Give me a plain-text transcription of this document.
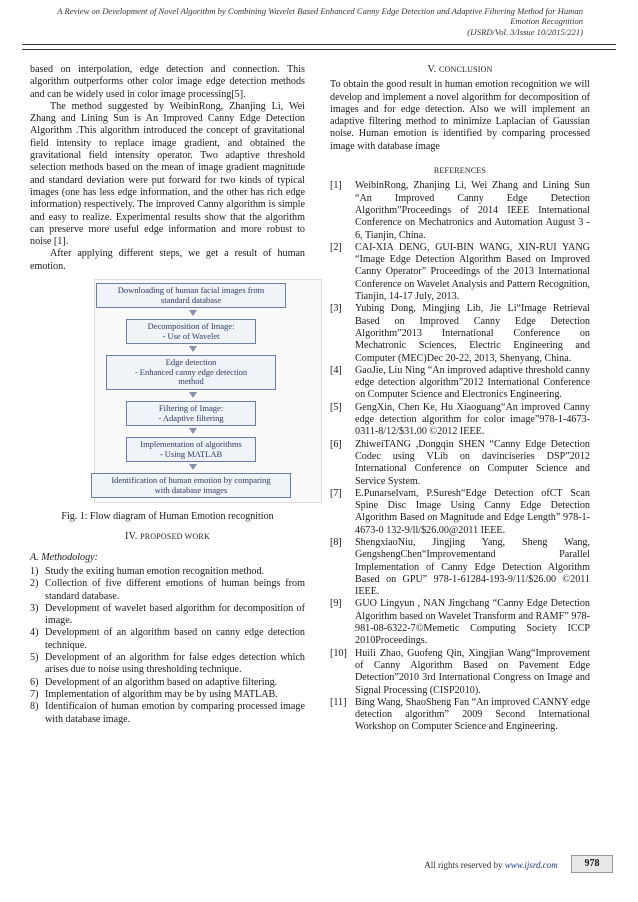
A Review on Development of Novel Algorithm by Combining Wavelet Based Enhanced Canny Edge Detection and Adaptive Filtering Method for Human
Emotion Recognition
(IJSRD/Vol. 3/Issue 10/2015/221)

based on interpolation, edge detection and connection. This algorithm outperforms other color image edge detection methods and can be widely used in color image processing[5].

The method suggested by WeibinRong, Zhanjing Li, Wei Zhang and Lining Sun is An Improved Canny Edge Detection Algorithm .This algorithm introduced the concept of gravitational field intensity to replace image gradient, and obtained the gravitational field intensity operator. Two adaptive threshold selection methods based on the mean of image gradient magnitude and standard deviation were put forward for two kinds of typical images (one has less edge information, and the other has rich edge information) respectively. The improved Canny algorithm is simple and easy to realize. Experimental results show that the algorithm can preserve more useful edge information and more robust to noise [1].

After applying different steps, we get a result of human emotion.

Downloading of human facial images from
standard database
Decomposition of Image:
- Use of Wavelet
Edge detection
- Enhanced canny edge detection
method
Filtering of Image:
- Adaptive filtering
Implementation of algorithms
- Using MATLAB
Identification of human emotion by comparing
with database images
Fig. 1: Flow diagram of Human Emotion recognition
IV. PROPOSED WORK
A. Methodology:
1) Study the exiting human emotion recognition method.
2) Collection of five different emotions of human beings from standard database.
3) Development of wavelet based algorithm for decomposition of image.
4) Development of an algorithm based on canny edge detection technique.
5) Development of an algorithm for false edges detection which arises due to noise using thresholding technique.
6) Development of an algorithm based on adaptive filtering.
7) Implementation of algorithm may be by using MATLAB.
8) Identificaion of human emotion by comparing processed image with database image.
V. CONCLUSION

To obtain the good result in human emotion recognition we will develop and implement a novel algorithm for decomposition of images and for edge detection. Also we will implement an adaptive filtering method to minimize Laplacian of Gaussian noise. Human emotion is identified by comparing processed image with database image

REFERENCES
[1] WeibinRong, Zhanjing Li, Wei Zhang and Lining Sun “An Improved Canny Edge Detection Algorithm”Proceedings of 2014 IEEE International Conference on Mechatronics and Automation August 3 - 6, Tianjin, China.
[2] CAI-XIA DENG, GUI-BIN WANG, XIN-RUI YANG “Image Edge Detection Algorithm Based on Improved Canny Operator” Proceedings of the 2013 International Conference on Wavelet Analysis and Pattern Recognition, Tianjin, 14-17 July, 2013.
[3] Yubing Dong, Mingjing Lib, Jie Li“Image Retrieval Based on Improved Canny Edge Detection Algorithm”2013 International Conference on Mechatronic Sciences, Electric Engineering and Computer (MEC)Dec 20-22, 2013, Shenyang, China.
[4] GaoJie, Liu Ning “An improved adaptive threshold canny edge detection algorithm”2012 International Conference on Computer Science and Electronics Engineering.
[5] GengXin, Chen Ke, Hu Xiaoguang“An improved Canny edge detection algorithm for color image”978-1-4673-0311-8/12/$31.00 ©2012 IEEE.
[6] ZhiweiTANG ,Dongqin SHEN “Canny Edge Detection Codec using VLib on davinciseries DSP”2012 International Conference on Computer Science and Service System.
[7] E.Punarselvam, P.Suresh“Edge Detection ofCT Scan Spine Disc Image Using Canny Edge Detection Algorithm Based on Magnitude and Edge Length” 978-1-4673-0 132-9/ll/$26.00@2011 IEEE.
[8] ShengxiaoNiu, Jingjing Yang, Sheng Wang, GengshengChen“Improvementand Parallel Implementation of Canny Edge Detection Algorithm Based on GPU” 978-1-61284-193-9/11/$26.00 ©2011 IEEE.
[9] GUO Lingyun , NAN Jingchang “Canny Edge Detection Algorithm based on Wavelet Transform and RAMF” 978-981-08-6322-7©Memetic Computing Society ICCP 2010Proceedings.
[10] Huili Zhao, Guofeng Qin, Xingjian Wang“Improvement of Canny Algorithm Based on Pavement Edge Detection”2010 3rd International Congress on Image and Signal Processing (CISP2010).
[11] Bing Wang, ShaoSheng Fan “An improved CANNY edge detection algorithm” 2009 Second International Workshop on Computer Science and Engineering.
All rights reserved by www.ijsrd.com	978
